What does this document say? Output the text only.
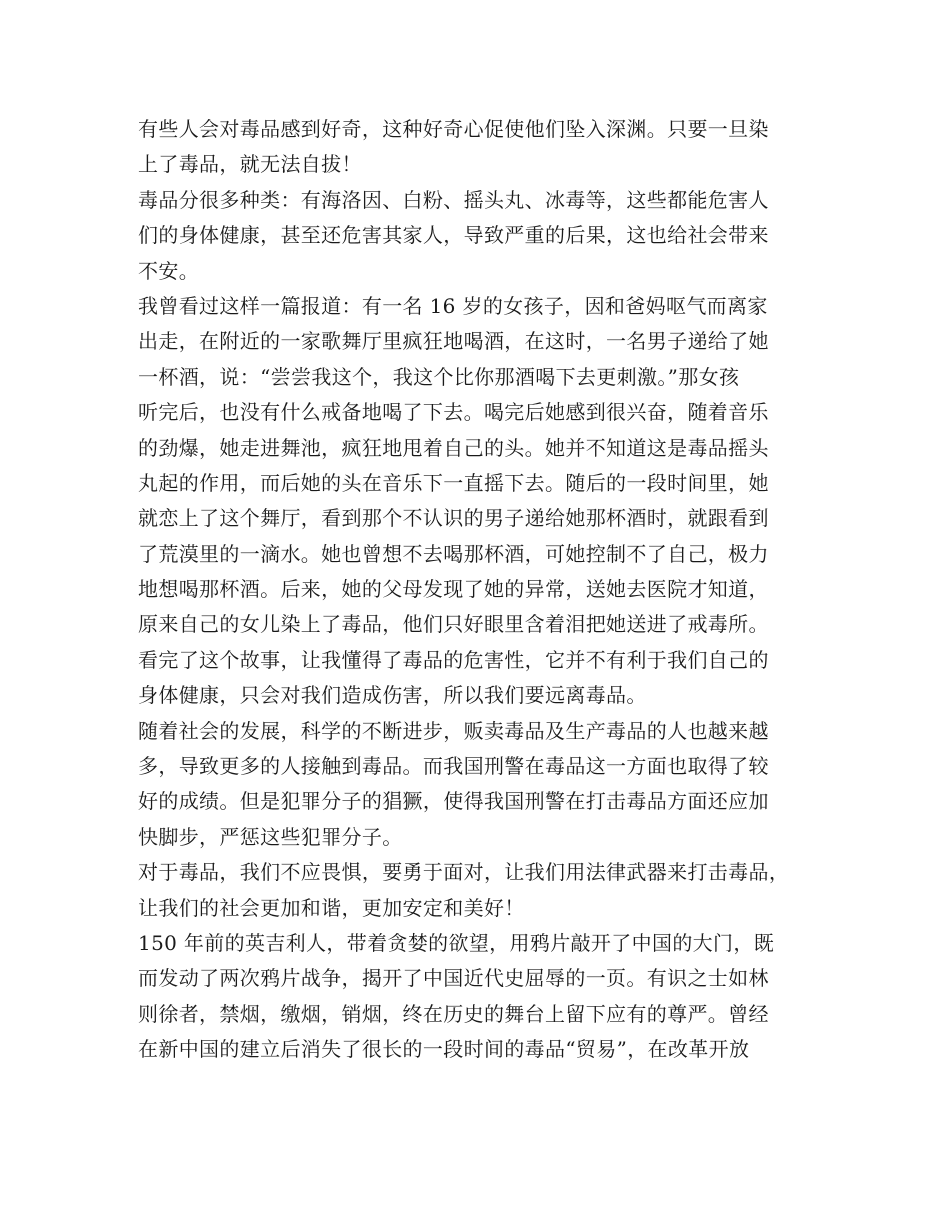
有些人会对毒品感到好奇，这种好奇心促使他们坠入深渊。只要一旦染
上了毒品，就无法自拔！
毒品分很多种类：有海洛因、白粉、摇头丸、冰毒等，这些都能危害人
们的身体健康，甚至还危害其家人，导致严重的后果，这也给社会带来
不安。
我曾看过这样一篇报道：有一名 16 岁的女孩子，因和爸妈呕气而离家
出走，在附近的一家歌舞厅里疯狂地喝酒，在这时，一名男子递给了她
一杯酒，说：“尝尝我这个，我这个比你那酒喝下去更刺激。”那女孩
听完后，也没有什么戒备地喝了下去。喝完后她感到很兴奋，随着音乐
的劲爆，她走进舞池，疯狂地甩着自己的头。她并不知道这是毒品摇头
丸起的作用，而后她的头在音乐下一直摇下去。随后的一段时间里，她
就恋上了这个舞厅，看到那个不认识的男子递给她那杯酒时，就跟看到
了荒漠里的一滴水。她也曾想不去喝那杯酒，可她控制不了自己，极力
地想喝那杯酒。后来，她的父母发现了她的异常，送她去医院才知道，
原来自己的女儿染上了毒品，他们只好眼里含着泪把她送进了戒毒所。
看完了这个故事，让我懂得了毒品的危害性，它并不有利于我们自己的
身体健康，只会对我们造成伤害，所以我们要远离毒品。
随着社会的发展，科学的不断进步，贩卖毒品及生产毒品的人也越来越
多，导致更多的人接触到毒品。而我国刑警在毒品这一方面也取得了较
好的成绩。但是犯罪分子的猖獗，使得我国刑警在打击毒品方面还应加
快脚步，严惩这些犯罪分子。
对于毒品，我们不应畏惧，要勇于面对，让我们用法律武器来打击毒品，
让我们的社会更加和谐，更加安定和美好！
150 年前的英吉利人，带着贪婪的欲望，用鸦片敲开了中国的大门，既
而发动了两次鸦片战争，揭开了中国近代史屈辱的一页。有识之士如林
则徐者，禁烟，缴烟，销烟，终在历史的舞台上留下应有的尊严。曾经
在新中国的建立后消失了很长的一段时间的毒品“贸易”，在改革开放
